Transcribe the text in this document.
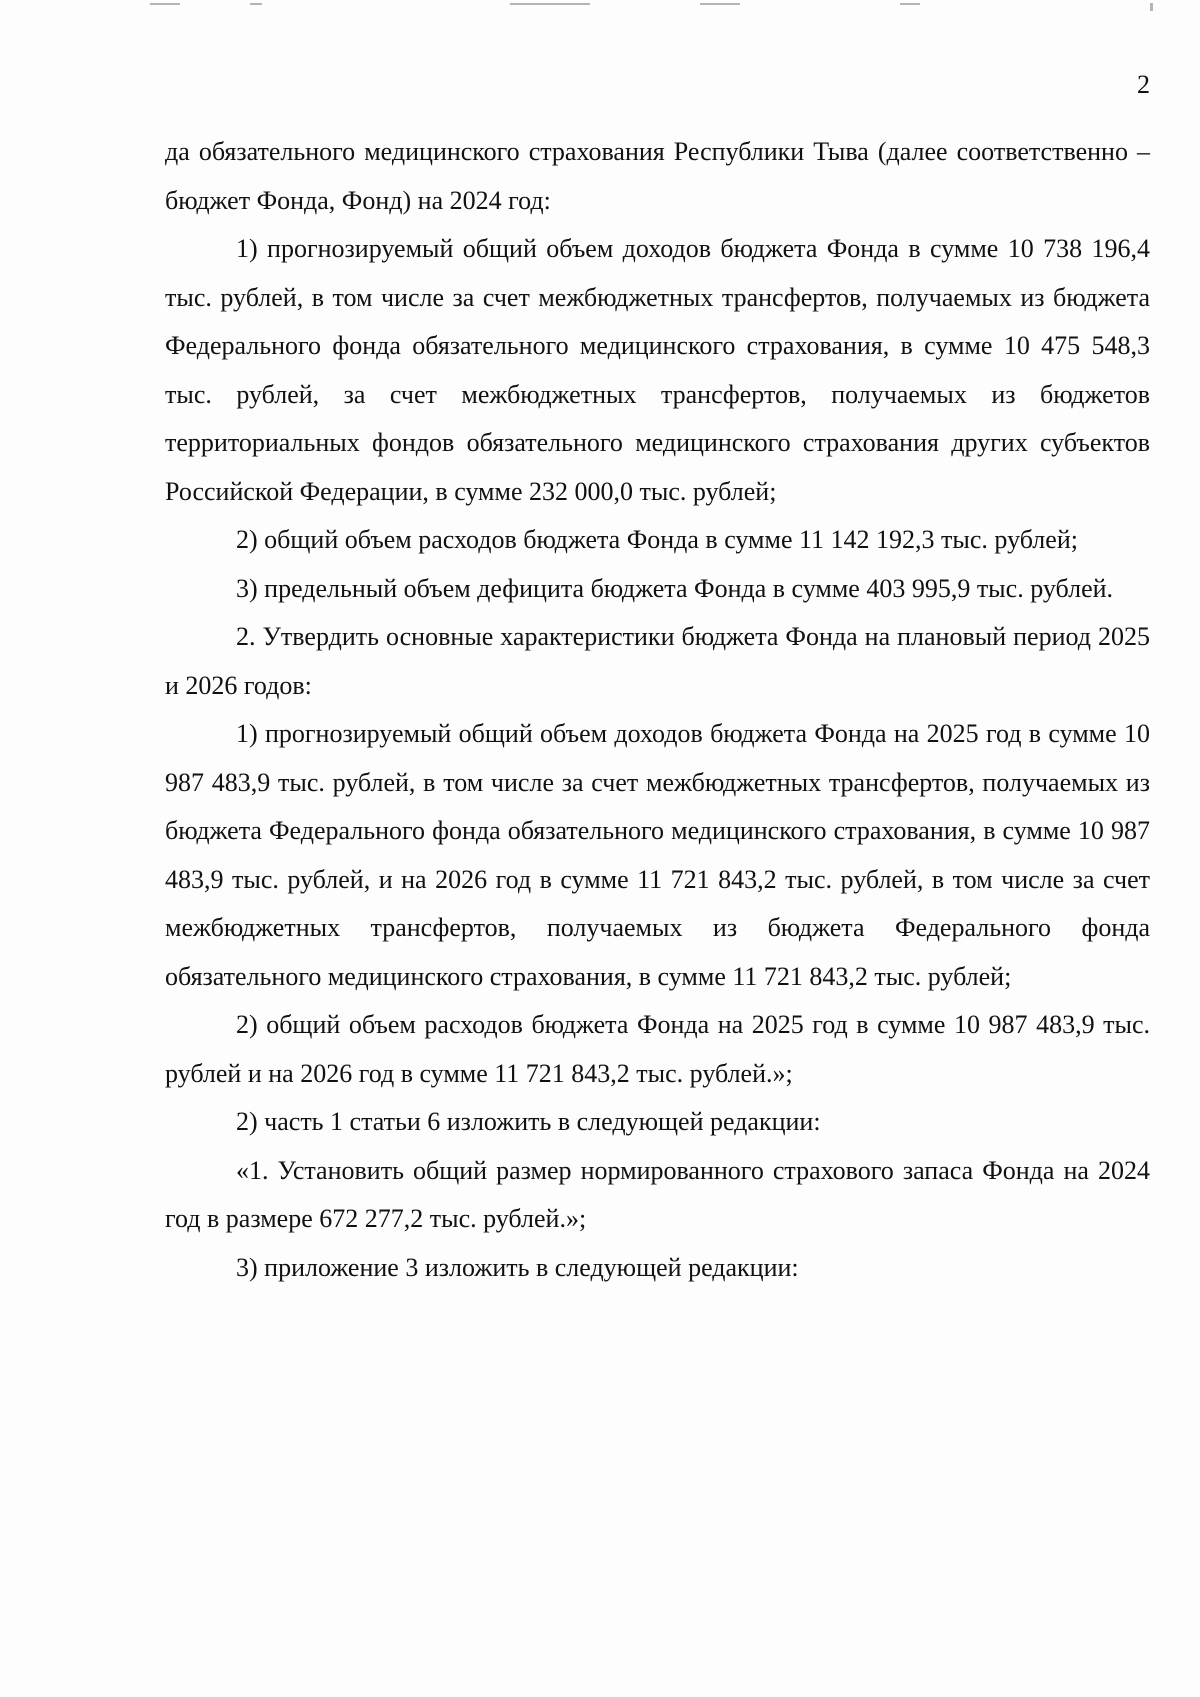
2

да обязательного медицинского страхования Республики Тыва (далее соответственно – бюджет Фонда, Фонд) на 2024 год:

1) прогнозируемый общий объем доходов бюджета Фонда в сумме 10 738 196,4 тыс. рублей, в том числе за счет межбюджетных трансфертов, получаемых из бюджета Федерального фонда обязательного медицинского страхования, в сумме 10 475 548,3 тыс. рублей, за счет межбюджетных трансфертов, получаемых из бюджетов территориальных фондов обязательного медицинского страхования других субъектов Российской Федерации, в сумме 232 000,0 тыс. рублей;

2) общий объем расходов бюджета Фонда в сумме 11 142 192,3 тыс. рублей;

3) предельный объем дефицита бюджета Фонда в сумме 403 995,9 тыс. рублей.

2. Утвердить основные характеристики бюджета Фонда на плановый период 2025 и 2026 годов:

1) прогнозируемый общий объем доходов бюджета Фонда на 2025 год в сумме 10 987 483,9 тыс. рублей, в том числе за счет межбюджетных трансфертов, получаемых из бюджета Федерального фонда обязательного медицинского страхования, в сумме 10 987 483,9 тыс. рублей, и на 2026 год в сумме 11 721 843,2 тыс. рублей, в том числе за счет межбюджетных трансфертов, получаемых из бюджета Федерального фонда обязательного медицинского страхования, в сумме 11 721 843,2 тыс. рублей;

2) общий объем расходов бюджета Фонда на 2025 год в сумме 10 987 483,9 тыс. рублей и на 2026 год в сумме 11 721 843,2 тыс. рублей.»;

2) часть 1 статьи 6 изложить в следующей редакции:

«1. Установить общий размер нормированного страхового запаса Фонда на 2024 год в размере 672 277,2 тыс. рублей.»;

3) приложение 3 изложить в следующей редакции:
